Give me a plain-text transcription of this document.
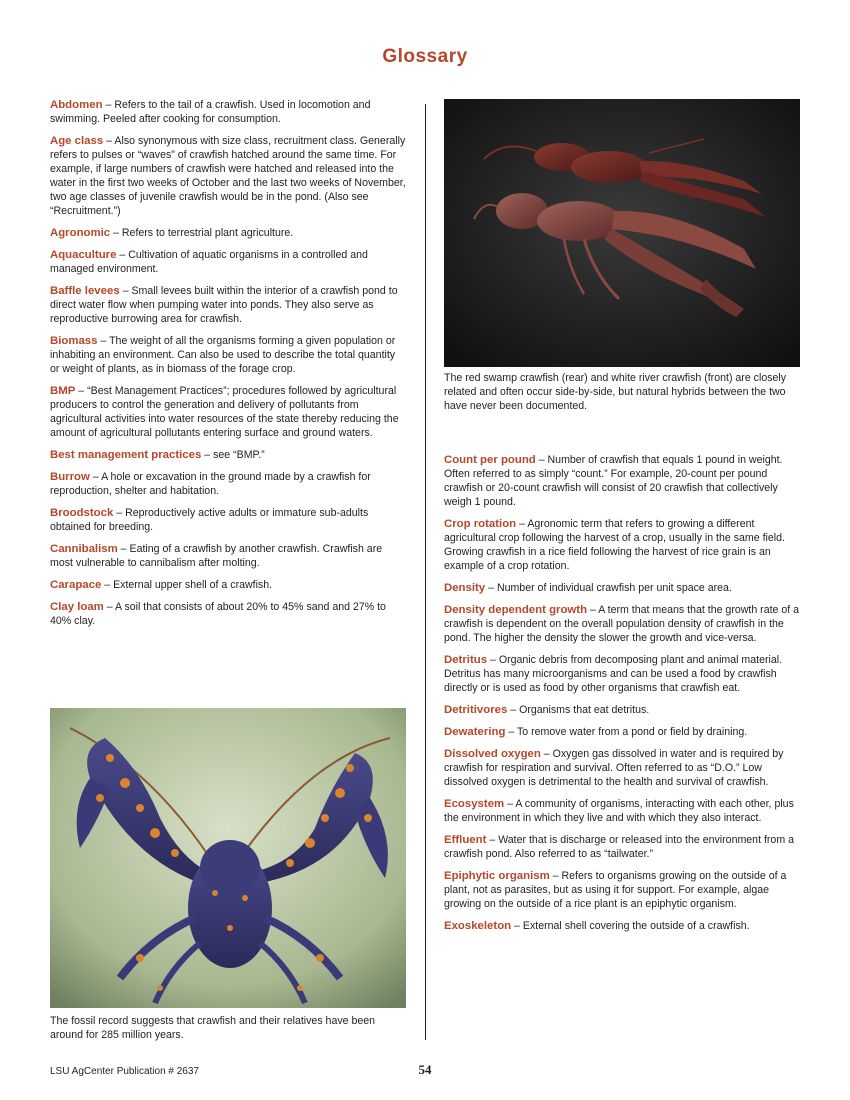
Glossary

Abdomen – Refers to the tail of a crawfish. Used in locomotion and swimming. Peeled after cooking for consumption.

Age class – Also synonymous with size class, recruitment class. Generally refers to pulses or “waves” of crawfish hatched around the same time. For example, if large numbers of crawfish were hatched and released into the water in the first two weeks of October and the last two weeks of November, two age classes of juvenile crawfish would be in the pond. (Also see “Recruitment.”)

Agronomic – Refers to terrestrial plant agriculture.

Aquaculture – Cultivation of aquatic organisms in a controlled and managed environment.

Baffle levees – Small levees built within the interior of a crawfish pond to direct water flow when pumping water into ponds. They also serve as reproductive burrowing area for crawfish.

Biomass – The weight of all the organisms forming a given population or inhabiting an environment. Can also be used to describe the total quantity or weight of plants, as in biomass of the forage crop.

BMP – “Best Management Practices”; procedures followed by agricultural producers to control the generation and delivery of pollutants from agricultural activities into water resources of the state thereby reducing the amount of agricultural pollutants entering surface and ground waters.

Best management practices – see “BMP.”

Burrow – A hole or excavation in the ground made by a crawfish for reproduction, shelter and habitation.

Broodstock – Reproductively active adults or immature sub-adults obtained for breeding.

Cannibalism – Eating of a crawfish by another crawfish. Crawfish are most vulnerable to cannibalism after molting.

Carapace – External upper shell of a crawfish.

Clay loam – A soil that consists of about 20% to 45% sand and 27% to 40% clay.

The red swamp crawfish (rear) and white river crawfish (front) are closely related and often occur side-by-side, but natural hybrids between the two have never been documented.

Count per pound – Number of crawfish that equals 1 pound in weight. Often referred to as simply “count.” For example, 20-count per pound crawfish or 20-count crawfish will consist of 20 crawfish that collectively weigh 1 pound.

Crop rotation – Agronomic term that refers to growing a different agricultural crop following the harvest of a crop, usually in the same field. Growing crawfish in a rice field following the harvest of rice grain is an example of a crop rotation.

Density – Number of individual crawfish per unit space area.

Density dependent growth – A term that means that the growth rate of a crawfish is dependent on the overall population density of crawfish in the pond. The higher the density the slower the growth and vice-versa.

Detritus – Organic debris from decomposing plant and animal material. Detritus has many microorganisms and can be used a food by crawfish directly or is used as food by other organisms that crawfish eat.

Detritivores – Organisms that eat detritus.

Dewatering – To remove water from a pond or field by draining.

Dissolved oxygen – Oxygen gas dissolved in water and is required by crawfish for respiration and survival. Often referred to as “D.O.” Low dissolved oxygen is detrimental to the health and survival of crawfish.

Ecosystem – A community of organisms, interacting with each other, plus the environment in which they live and with which they also interact.

Effluent – Water that is discharge or released into the environment from a crawfish pond. Also referred to as “tailwater.”

Epiphytic organism – Refers to organisms growing on the outside of a plant, not as parasites, but as using it for support. For example, algae growing on the outside of a rice plant is an epiphytic organism.

Exoskeleton – External shell covering the outside of a crawfish.

The fossil record suggests that crawfish and their relatives have been around for 285 million years.
LSU AgCenter Publication # 2637	54
